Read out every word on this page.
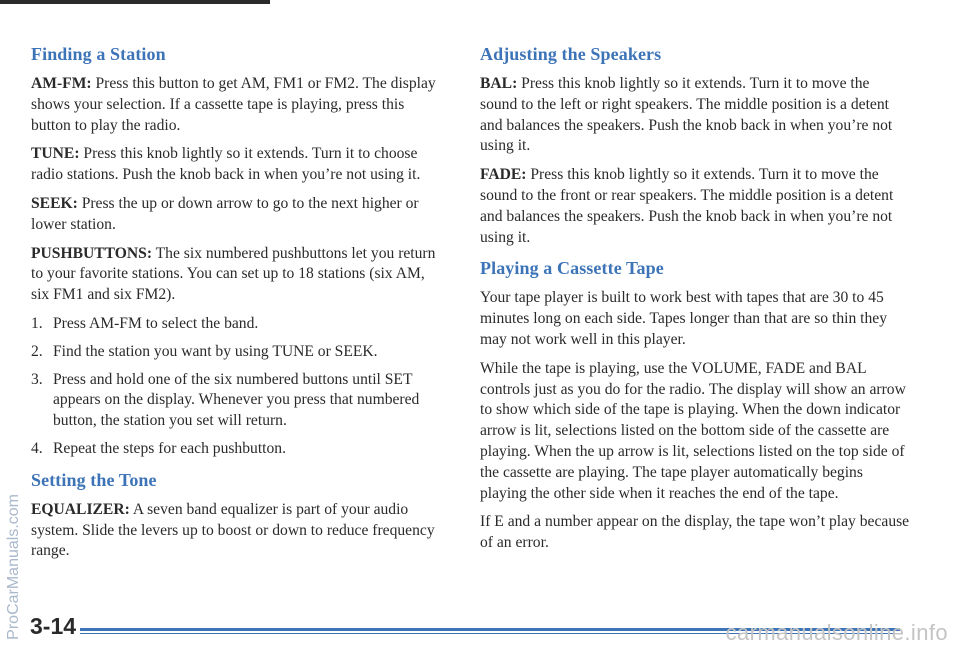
Finding a Station

AM-FM: Press this button to get AM, FM1 or FM2. The display shows your selection. If a cassette tape is playing, press this button to play the radio.

TUNE: Press this knob lightly so it extends. Turn it to choose radio stations. Push the knob back in when you’re not using it.

SEEK: Press the up or down arrow to go to the next higher or lower station.

PUSHBUTTONS: The six numbered pushbuttons let you return to your favorite stations. You can set up to 18 stations (six AM, six FM1 and six FM2).

1. Press AM-FM to select the band.
2. Find the station you want by using TUNE or SEEK.
3. Press and hold one of the six numbered buttons until SET appears on the display. Whenever you press that numbered button, the station you set will return.
4. Repeat the steps for each pushbutton.
Setting the Tone

EQUALIZER: A seven band equalizer is part of your audio system. Slide the levers up to boost or down to reduce frequency range.

Adjusting the Speakers

BAL: Press this knob lightly so it extends. Turn it to move the sound to the left or right speakers. The middle position is a detent and balances the speakers. Push the knob back in when you’re not using it.

FADE: Press this knob lightly so it extends. Turn it to move the sound to the front or rear speakers. The middle position is a detent and balances the speakers. Push the knob back in when you’re not using it.

Playing a Cassette Tape

Your tape player is built to work best with tapes that are 30 to 45 minutes long on each side. Tapes longer than that are so thin they may not work well in this player.

While the tape is playing, use the VOLUME, FADE and BAL controls just as you do for the radio. The display will show an arrow to show which side of the tape is playing. When the down indicator arrow is lit, selections listed on the bottom side of the cassette are playing. When the up arrow is lit, selections listed on the top side of the cassette are playing. The tape player automatically begins playing the other side when it reaches the end of the tape.

If E and a number appear on the display, the tape won’t play because of an error.

ProCarManuals.com 3-14	carmanualsonline.info
